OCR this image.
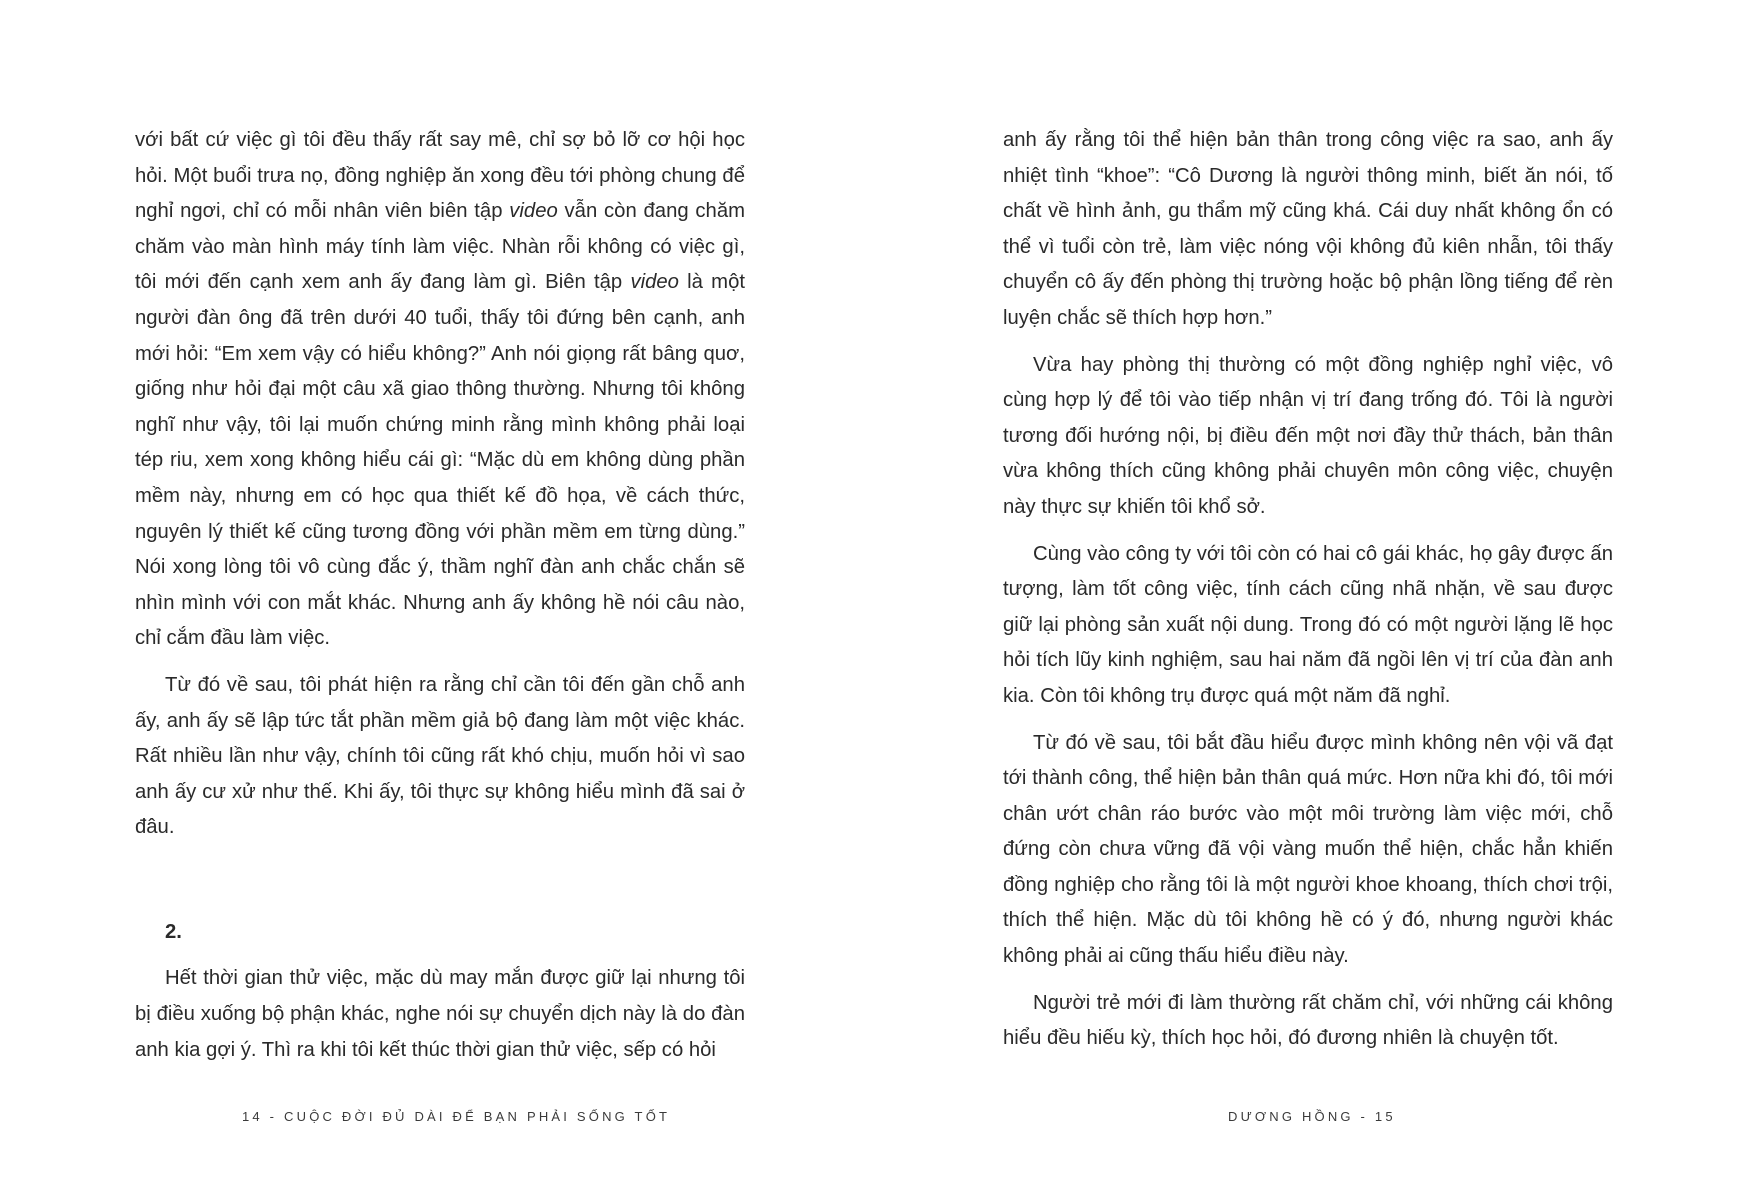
với bất cứ việc gì tôi đều thấy rất say mê, chỉ sợ bỏ lỡ cơ hội học hỏi. Một buổi trưa nọ, đồng nghiệp ăn xong đều tới phòng chung để nghỉ ngơi, chỉ có mỗi nhân viên biên tập video vẫn còn đang chăm chăm vào màn hình máy tính làm việc. Nhàn rỗi không có việc gì, tôi mới đến cạnh xem anh ấy đang làm gì. Biên tập video là một người đàn ông đã trên dưới 40 tuổi, thấy tôi đứng bên cạnh, anh mới hỏi: “Em xem vậy có hiểu không?” Anh nói giọng rất bâng quơ, giống như hỏi đại một câu xã giao thông thường. Nhưng tôi không nghĩ như vậy, tôi lại muốn chứng minh rằng mình không phải loại tép riu, xem xong không hiểu cái gì: “Mặc dù em không dùng phần mềm này, nhưng em có học qua thiết kế đồ họa, về cách thức, nguyên lý thiết kế cũng tương đồng với phần mềm em từng dùng.” Nói xong lòng tôi vô cùng đắc ý, thầm nghĩ đàn anh chắc chắn sẽ nhìn mình với con mắt khác. Nhưng anh ấy không hề nói câu nào, chỉ cắm đầu làm việc.

Từ đó về sau, tôi phát hiện ra rằng chỉ cần tôi đến gần chỗ anh ấy, anh ấy sẽ lập tức tắt phần mềm giả bộ đang làm một việc khác. Rất nhiều lần như vậy, chính tôi cũng rất khó chịu, muốn hỏi vì sao anh ấy cư xử như thế. Khi ấy, tôi thực sự không hiểu mình đã sai ở đâu.

2.

Hết thời gian thử việc, mặc dù may mắn được giữ lại nhưng tôi bị điều xuống bộ phận khác, nghe nói sự chuyển dịch này là do đàn anh kia gợi ý. Thì ra khi tôi kết thúc thời gian thử việc, sếp có hỏi

14 - CUỘC ĐỜI ĐỦ DÀI ĐỂ BẠN PHẢI SỐNG TỐT

anh ấy rằng tôi thể hiện bản thân trong công việc ra sao, anh ấy nhiệt tình “khoe”: “Cô Dương là người thông minh, biết ăn nói, tố chất về hình ảnh, gu thẩm mỹ cũng khá. Cái duy nhất không ổn có thể vì tuổi còn trẻ, làm việc nóng vội không đủ kiên nhẫn, tôi thấy chuyển cô ấy đến phòng thị trường hoặc bộ phận lồng tiếng để rèn luyện chắc sẽ thích hợp hơn.”

Vừa hay phòng thị thường có một đồng nghiệp nghỉ việc, vô cùng hợp lý để tôi vào tiếp nhận vị trí đang trống đó. Tôi là người tương đối hướng nội, bị điều đến một nơi đầy thử thách, bản thân vừa không thích cũng không phải chuyên môn công việc, chuyện này thực sự khiến tôi khổ sở.

Cùng vào công ty với tôi còn có hai cô gái khác, họ gây được ấn tượng, làm tốt công việc, tính cách cũng nhã nhặn, về sau được giữ lại phòng sản xuất nội dung. Trong đó có một người lặng lẽ học hỏi tích lũy kinh nghiệm, sau hai năm đã ngồi lên vị trí của đàn anh kia. Còn tôi không trụ được quá một năm đã nghỉ.

Từ đó về sau, tôi bắt đầu hiểu được mình không nên vội vã đạt tới thành công, thể hiện bản thân quá mức. Hơn nữa khi đó, tôi mới chân ướt chân ráo bước vào một môi trường làm việc mới, chỗ đứng còn chưa vững đã vội vàng muốn thể hiện, chắc hẳn khiến đồng nghiệp cho rằng tôi là một người khoe khoang, thích chơi trội, thích thể hiện. Mặc dù tôi không hề có ý đó, nhưng người khác không phải ai cũng thấu hiểu điều này.

Người trẻ mới đi làm thường rất chăm chỉ, với những cái không hiểu đều hiếu kỳ, thích học hỏi, đó đương nhiên là chuyện tốt.

DƯƠNG HỒNG - 15
